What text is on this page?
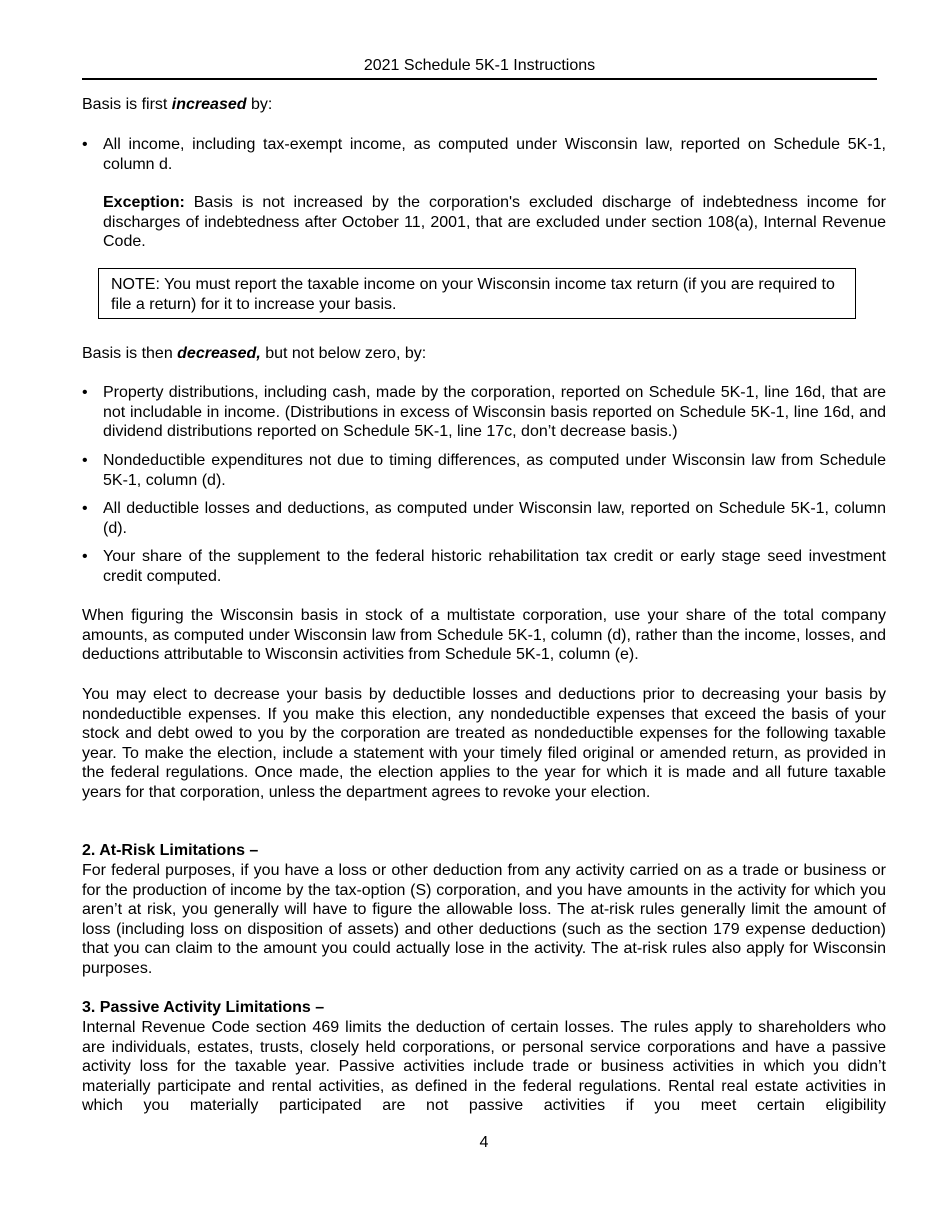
2021 Schedule 5K-1 Instructions

Basis is first increased by:

• All income, including tax-exempt income, as computed under Wisconsin law, reported on Schedule 5K-1, column d.

Exception: Basis is not increased by the corporation's excluded discharge of indebtedness income for discharges of indebtedness after October 11, 2001, that are excluded under section 108(a), Internal Revenue Code.

NOTE: You must report the taxable income on your Wisconsin income tax return (if you are required to file a return) for it to increase your basis.

Basis is then decreased, but not below zero, by:

• Property distributions, including cash, made by the corporation, reported on Schedule 5K-1, line 16d, that are not includable in income. (Distributions in excess of Wisconsin basis reported on Schedule 5K-1, line 16d, and dividend distributions reported on Schedule 5K-1, line 17c, don’t decrease basis.)
• Nondeductible expenditures not due to timing differences, as computed under Wisconsin law from Schedule 5K-1, column (d).
• All deductible losses and deductions, as computed under Wisconsin law, reported on Schedule 5K-1, column (d).
• Your share of the supplement to the federal historic rehabilitation tax credit or early stage seed investment credit computed.

When figuring the Wisconsin basis in stock of a multistate corporation, use your share of the total company amounts, as computed under Wisconsin law from Schedule 5K-1, column (d), rather than the income, losses, and deductions attributable to Wisconsin activities from Schedule 5K-1, column (e).

You may elect to decrease your basis by deductible losses and deductions prior to decreasing your basis by nondeductible expenses. If you make this election, any nondeductible expenses that exceed the basis of your stock and debt owed to you by the corporation are treated as nondeductible expenses for the following taxable year. To make the election, include a statement with your timely filed original or amended return, as provided in the federal regulations. Once made, the election applies to the year for which it is made and all future taxable years for that corporation, unless the department agrees to revoke your election.

2. At-Risk Limitations –

For federal purposes, if you have a loss or other deduction from any activity carried on as a trade or business or for the production of income by the tax-option (S) corporation, and you have amounts in the activity for which you aren’t at risk, you generally will have to figure the allowable loss. The at-risk rules generally limit the amount of loss (including loss on disposition of assets) and other deductions (such as the section 179 expense deduction) that you can claim to the amount you could actually lose in the activity. The at-risk rules also apply for Wisconsin purposes.

3. Passive Activity Limitations –

Internal Revenue Code section 469 limits the deduction of certain losses. The rules apply to shareholders who are individuals, estates, trusts, closely held corporations, or personal service corporations and have a passive activity loss for the taxable year. Passive activities include trade or business activities in which you didn’t materially participate and rental activities, as defined in the federal regulations. Rental real estate activities in which you materially participated are not passive activities if you meet certain eligibility

4
